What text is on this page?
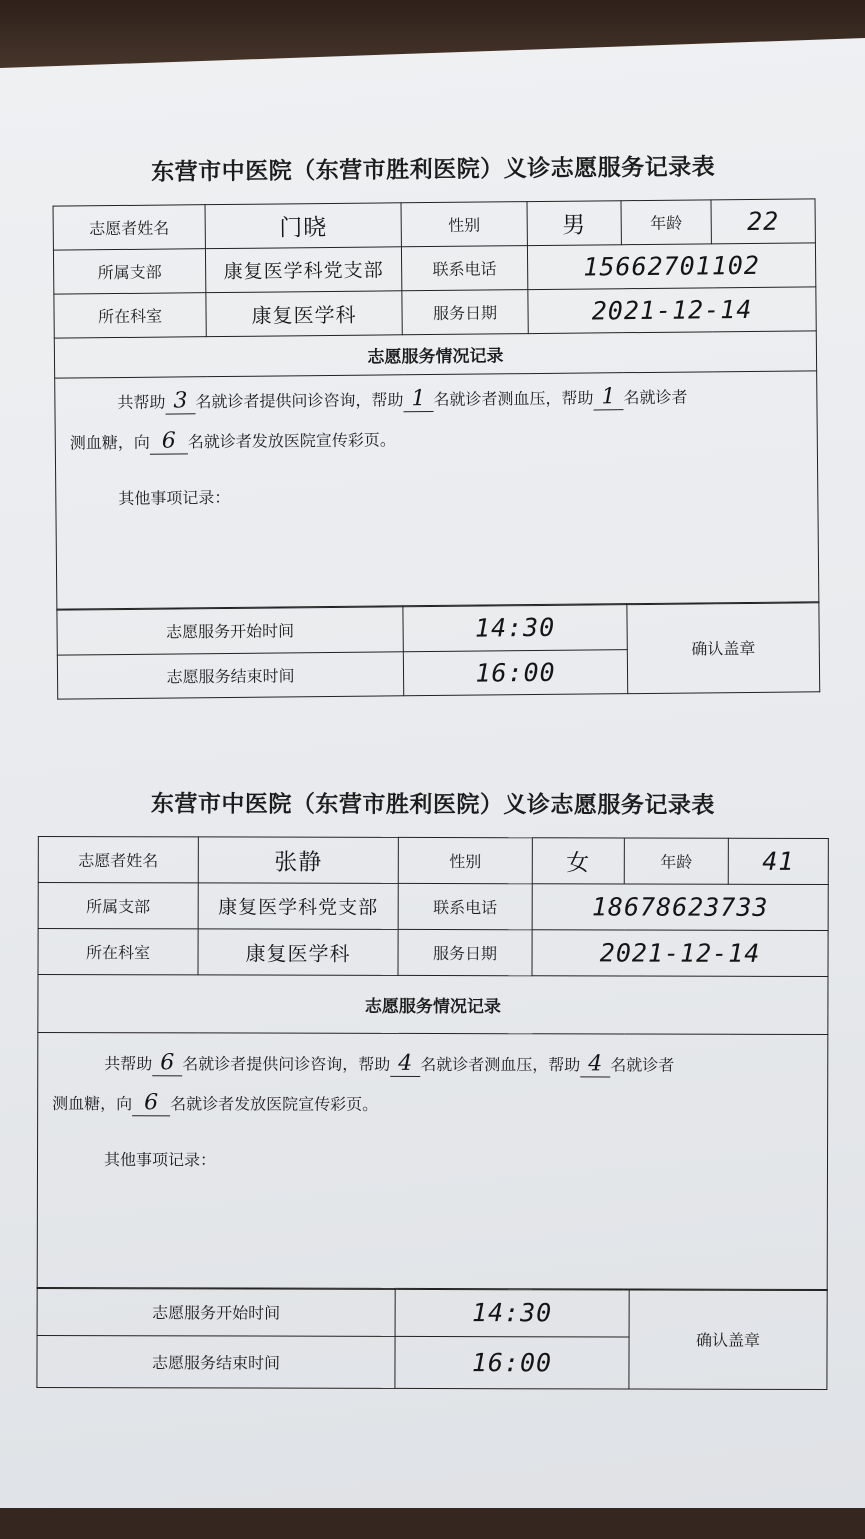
东营市中医院（东营市胜利医院）义诊志愿服务记录表
志愿者姓名	门晓	性别	男	年龄	22
所属支部	康复医学科党支部	联系电话	15662701102		
所在科室	康复医学科	服务日期	2021-12-14		
志愿服务情况记录					

共帮助 3 名就诊者提供问诊咨询，帮助 1 名就诊者测血压，帮助 1 名就诊者
测血糖，向 6 名就诊者发放医院宣传彩页。
其他事项记录：					
志愿服务开始时间	14:30	确认盖章
志愿服务结束时间	16:00	
东营市中医院（东营市胜利医院）义诊志愿服务记录表
志愿者姓名	张静	性别	女	年龄	41
所属支部	康复医学科党支部	联系电话	18678623733		
所在科室	康复医学科	服务日期	2021-12-14		
志愿服务情况记录					

共帮助 6 名就诊者提供问诊咨询，帮助 4 名就诊者测血压，帮助 4 名就诊者
测血糖，向 6 名就诊者发放医院宣传彩页。
其他事项记录：					
志愿服务开始时间	14:30	确认盖章
志愿服务结束时间	16:00	
